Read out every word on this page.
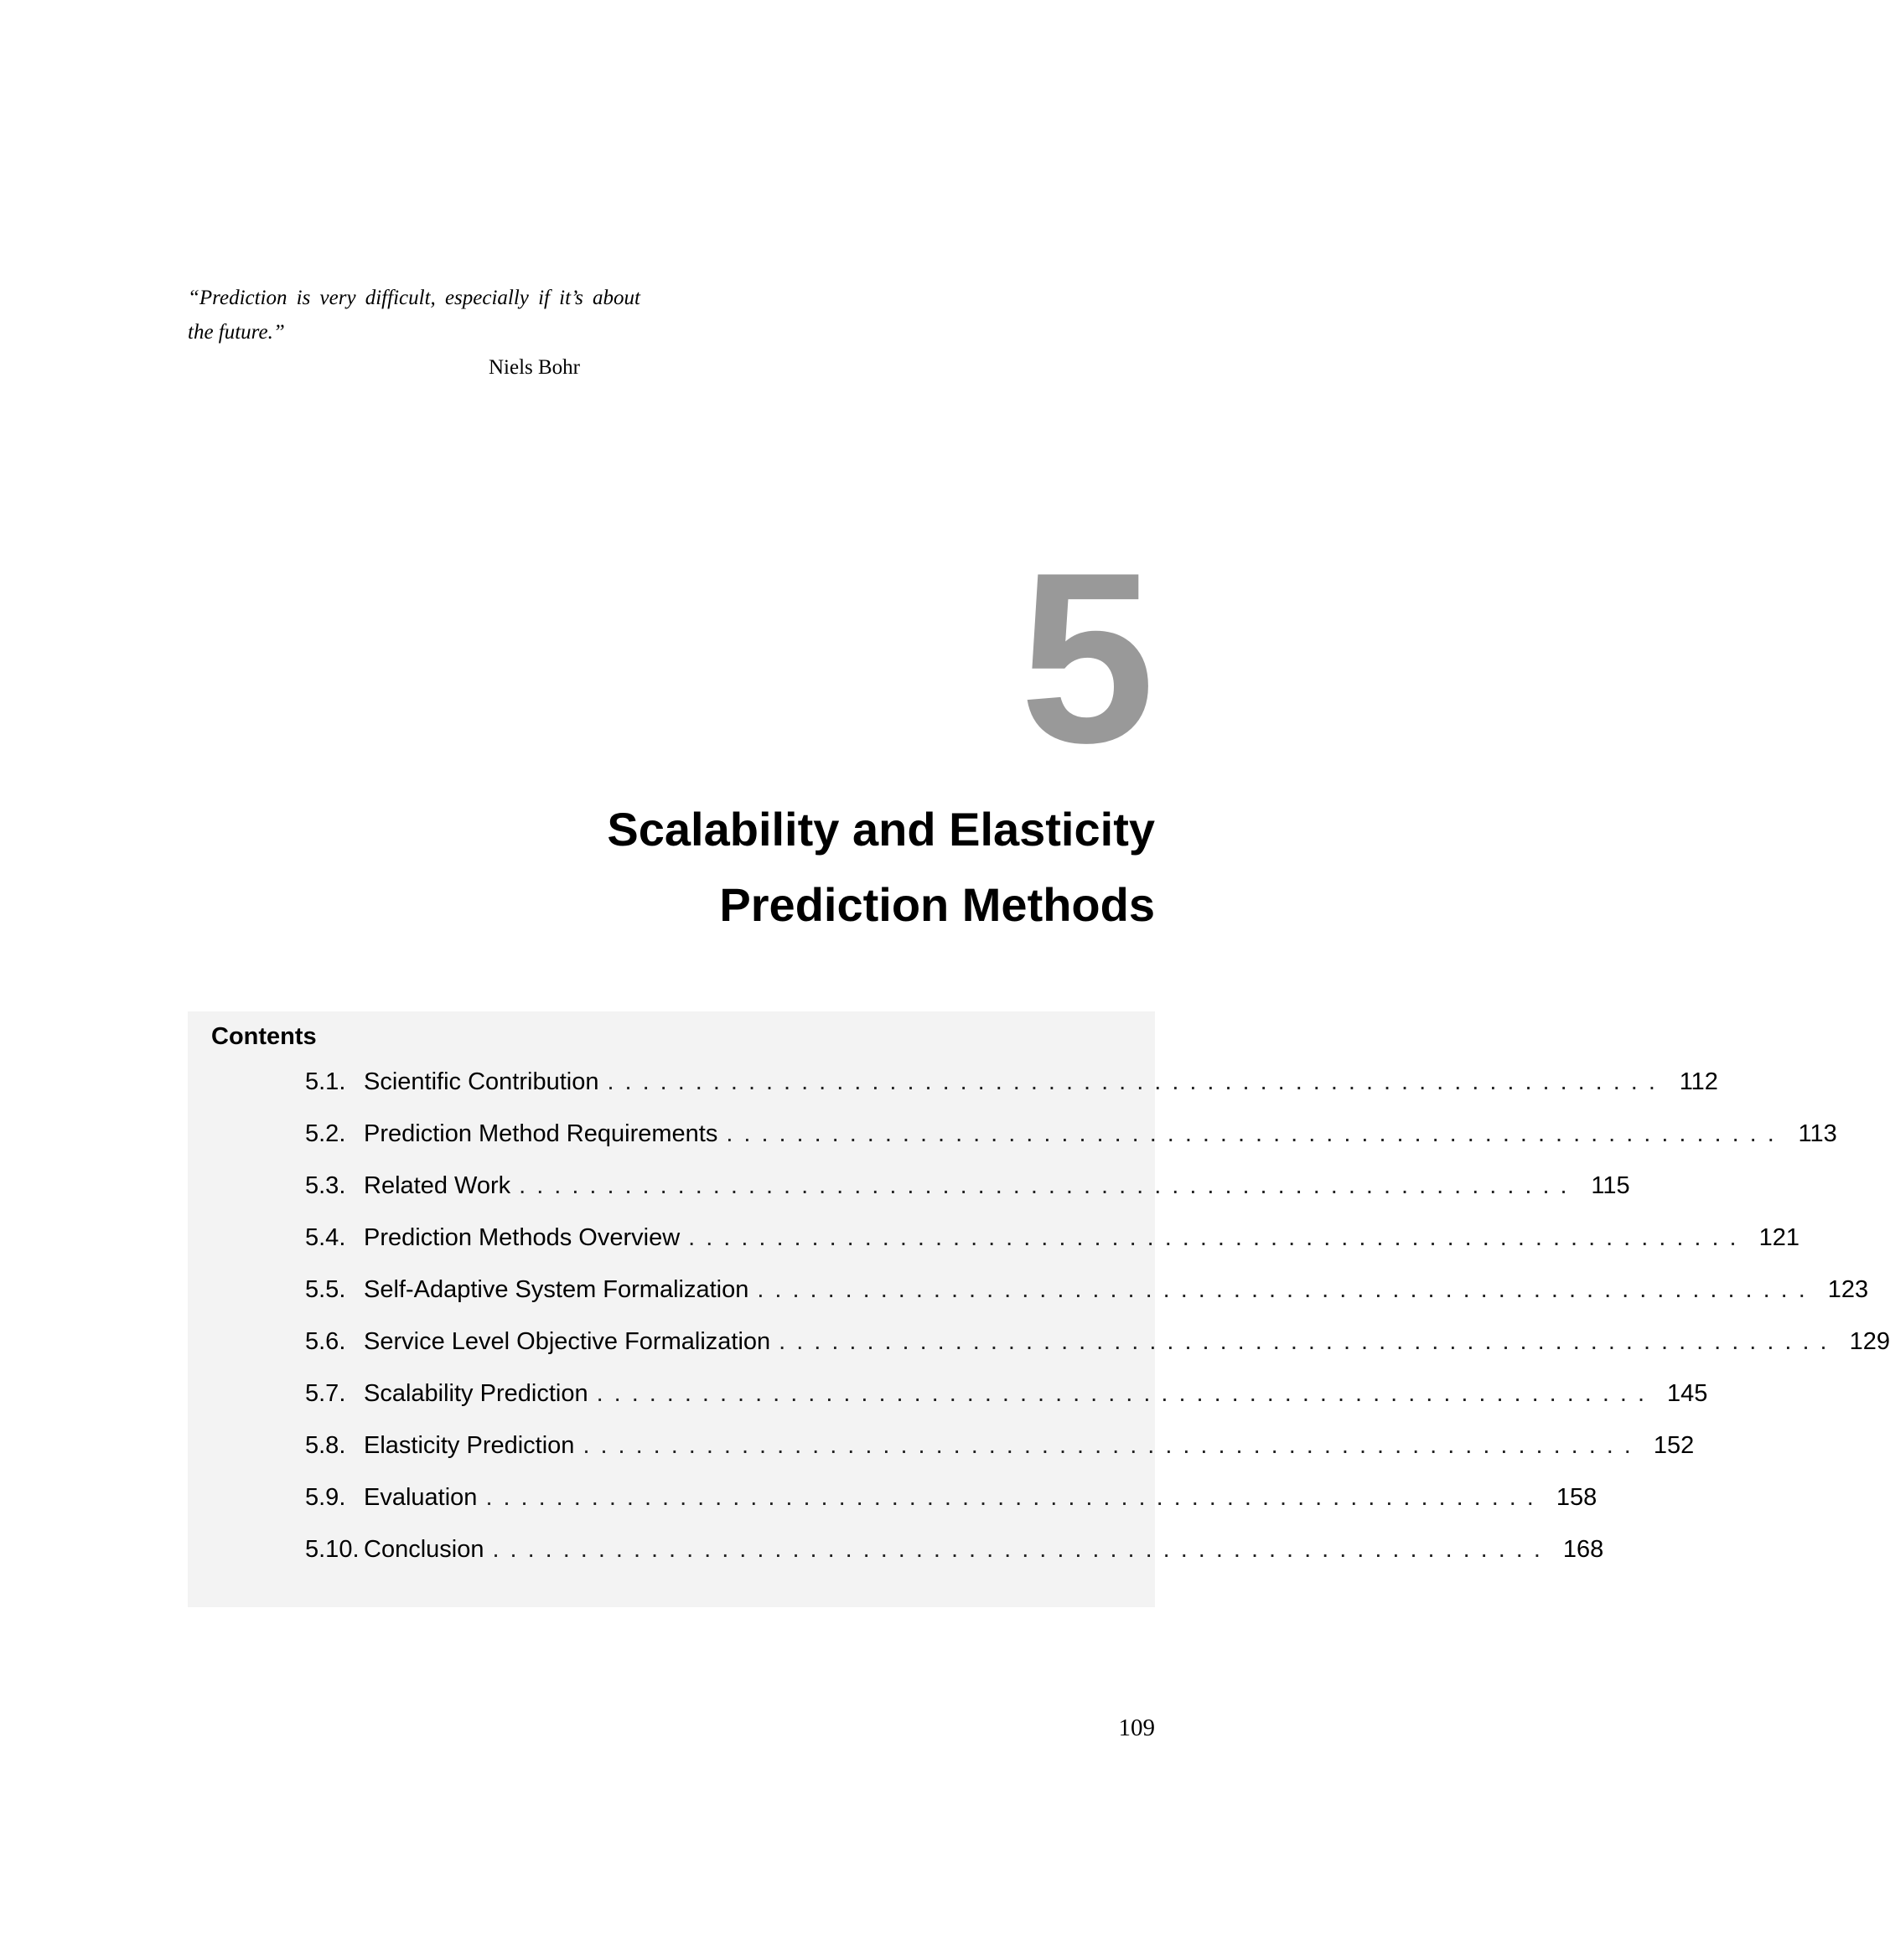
“Prediction is very difficult, especially if it’s about the future.”

Niels Bohr
5
Scalability and Elasticity
Prediction Methods
Contents
5.1. Scientific Contribution ............................................................ 112
5.2. Prediction Method Requirements ............................................................ 113
5.3. Related Work ............................................................ 115
5.4. Prediction Methods Overview ............................................................ 121
5.5. Self-Adaptive System Formalization ............................................................ 123
5.6. Service Level Objective Formalization ............................................................ 129
5.7. Scalability Prediction ............................................................ 145
5.8. Elasticity Prediction ............................................................ 152
5.9. Evaluation ............................................................ 158
5.10. Conclusion ............................................................ 168
109
